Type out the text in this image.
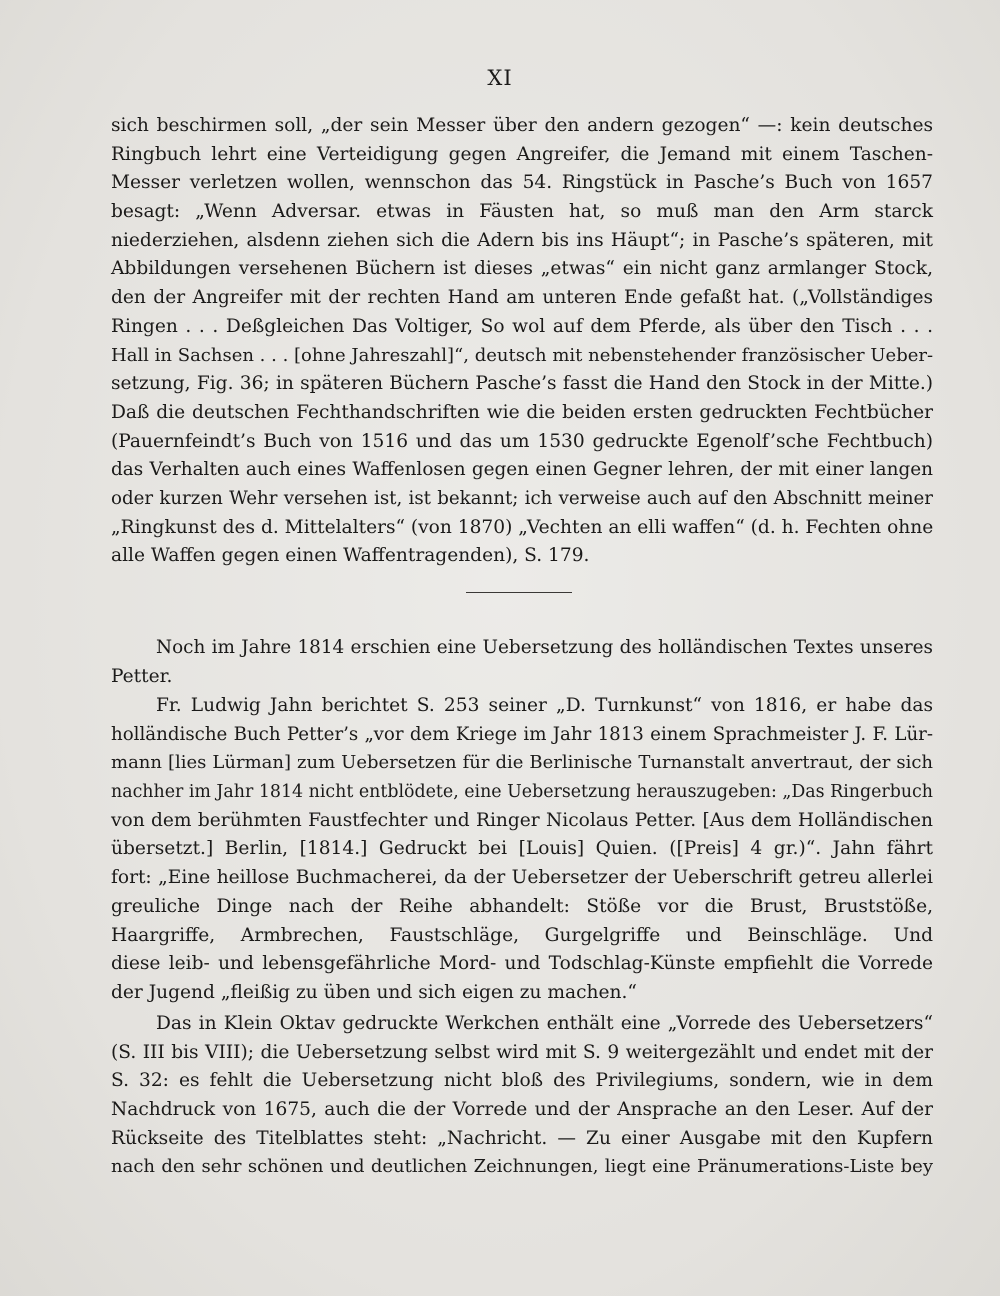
XI
sich beschirmen soll, „der sein Messer über den andern gezogen“ —: kein deutsches
Ringbuch lehrt eine Verteidigung gegen Angreifer, die Jemand mit einem Taschen-
Messer verletzen wollen, wennschon das 54. Ringstück in Pasche’s Buch von 1657
besagt: „Wenn Adversar. etwas in Fäusten hat, so muß man den Arm starck
niederziehen, alsdenn ziehen sich die Adern bis ins Häupt“; in Pasche’s späteren, mit
Abbildungen versehenen Büchern ist dieses „etwas“ ein nicht ganz armlanger Stock,
den der Angreifer mit der rechten Hand am unteren Ende gefaßt hat. („Vollständiges
Ringen . . . Deßgleichen Das Voltiger, So wol auf dem Pferde, als über den Tisch . . .
Hall in Sachsen . . . [ohne Jahreszahl]“, deutsch mit nebenstehender französischer Ueber-
setzung, Fig. 36; in späteren Büchern Pasche’s fasst die Hand den Stock in der Mitte.)
Daß die deutschen Fechthandschriften wie die beiden ersten gedruckten Fechtbücher
(Pauernfeindt’s Buch von 1516 und das um 1530 gedruckte Egenolf’sche Fechtbuch)
das Verhalten auch eines Waffenlosen gegen einen Gegner lehren, der mit einer langen
oder kurzen Wehr versehen ist, ist bekannt; ich verweise auch auf den Abschnitt meiner
„Ringkunst des d. Mittelalters“ (von 1870) „Vechten an elli waffen“ (d. h. Fechten ohne
alle Waffen gegen einen Waffentragenden), S. 179.
Noch im Jahre 1814 erschien eine Uebersetzung des holländischen Textes unseres
Petter.
Fr. Ludwig Jahn berichtet S. 253 seiner „D. Turnkunst“ von 1816, er habe das
holländische Buch Petter’s „vor dem Kriege im Jahr 1813 einem Sprachmeister J. F. Lür-
mann [lies Lürman] zum Uebersetzen für die Berlinische Turnanstalt anvertraut, der sich
nachher im Jahr 1814 nicht entblödete, eine Uebersetzung herauszugeben: „Das Ringerbuch
von dem berühmten Faustfechter und Ringer Nicolaus Petter. [Aus dem Holländischen
übersetzt.] Berlin, [1814.] Gedruckt bei [Louis] Quien. ([Preis] 4 gr.)“. Jahn fährt
fort: „Eine heillose Buchmacherei, da der Uebersetzer der Ueberschrift getreu allerlei
greuliche Dinge nach der Reihe abhandelt: Stöße vor die Brust, Bruststöße,
Haargriffe, Armbrechen, Faustschläge, Gurgelgriffe und Beinschläge. Und
diese leib- und lebensgefährliche Mord- und Todschlag-Künste empfiehlt die Vorrede
der Jugend „fleißig zu üben und sich eigen zu machen.“
Das in Klein Oktav gedruckte Werkchen enthält eine „Vorrede des Uebersetzers“
(S. III bis VIII); die Uebersetzung selbst wird mit S. 9 weitergezählt und endet mit der
S. 32: es fehlt die Uebersetzung nicht bloß des Privilegiums, sondern, wie in dem
Nachdruck von 1675, auch die der Vorrede und der Ansprache an den Leser. Auf der
Rückseite des Titelblattes steht: „Nachricht. — Zu einer Ausgabe mit den Kupfern
nach den sehr schönen und deutlichen Zeichnungen, liegt eine Pränumerations-Liste bey
